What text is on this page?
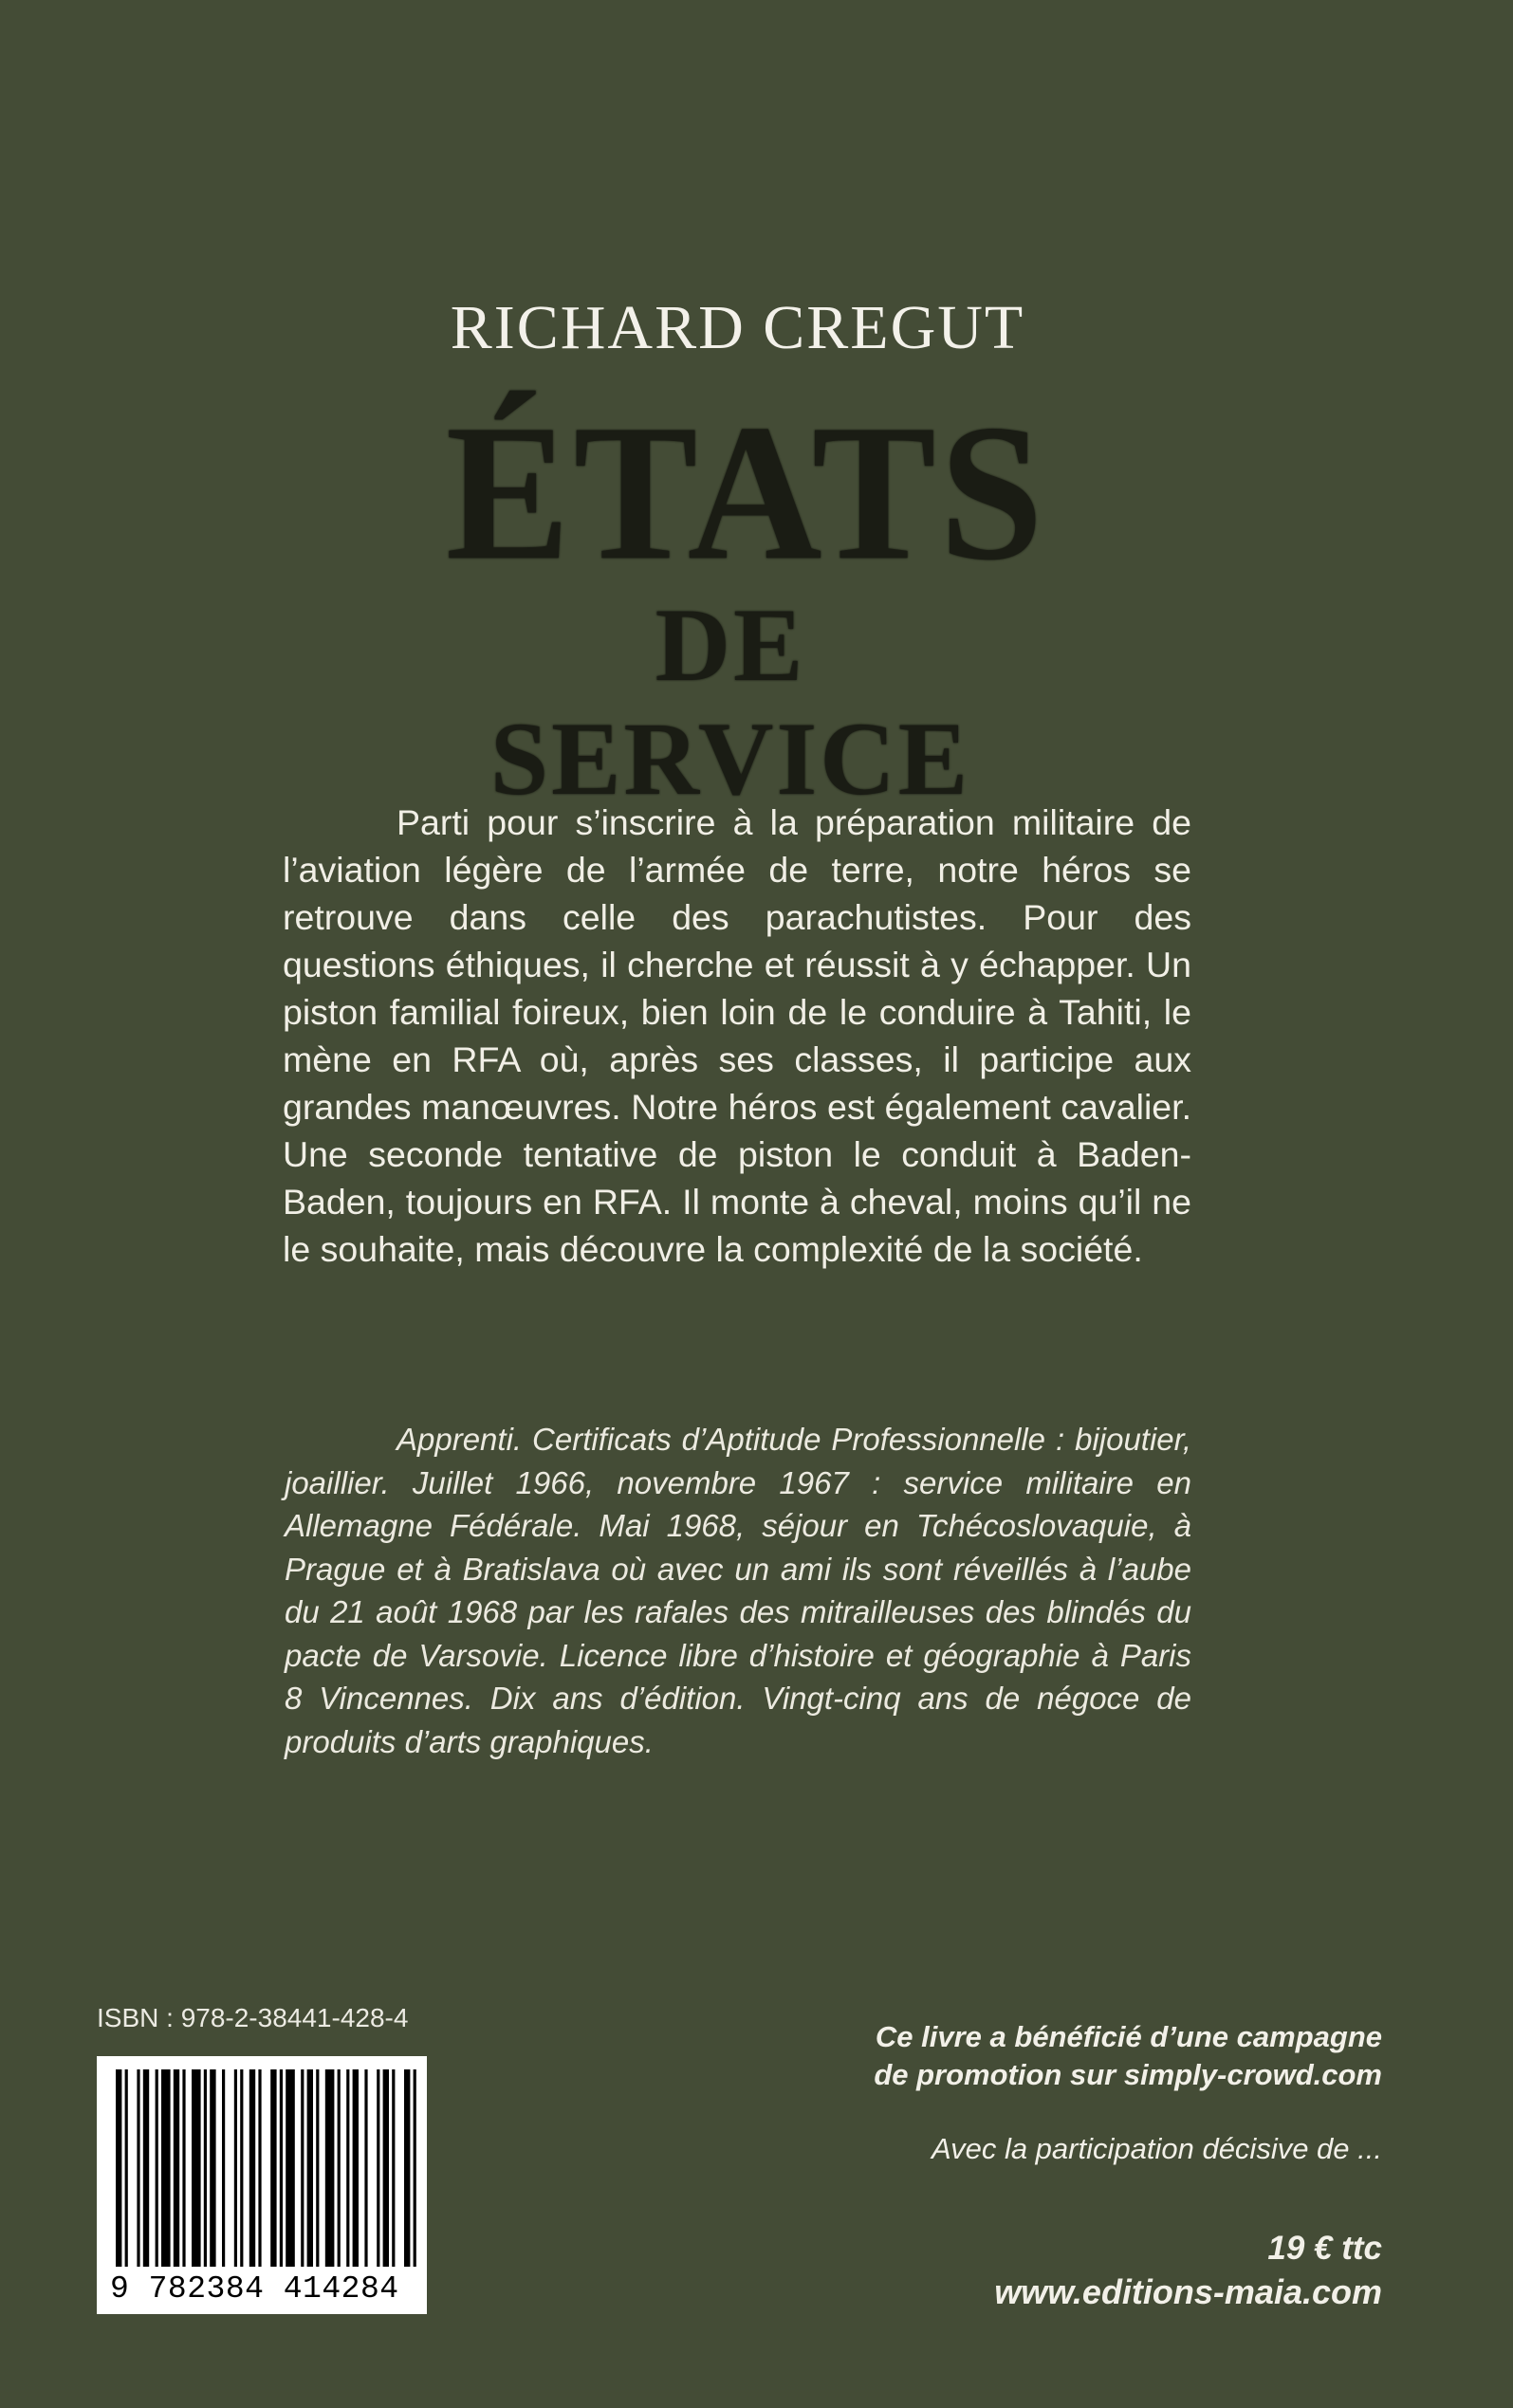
RICHARD CREGUT
ÉTATS
DE SERVICE
Parti pour s’inscrire à la préparation militaire de l’aviation légère de l’armée de terre, notre héros se retrouve dans celle des parachutistes. Pour des questions éthiques, il cherche et réussit à y échapper. Un piston familial foireux, bien loin de le conduire à Tahiti, le mène en RFA où, après ses classes, il participe aux grandes manœuvres. Notre héros est également cavalier. Une seconde tentative de piston le conduit à Baden-Baden, toujours en RFA. Il monte à cheval, moins qu’il ne le souhaite, mais découvre la complexité de la société.
Apprenti. Certificats d’Aptitude Professionnelle : bijoutier, joaillier. Juillet 1966, novembre 1967 : service militaire en Allemagne Fédérale. Mai 1968, séjour en Tchécoslovaquie, à Prague et à Bratislava où avec un ami ils sont réveillés à l’aube du 21 août 1968 par les rafales des mitrailleuses des blindés du pacte de Varsovie. Licence libre d’histoire et géographie à Paris 8 Vincennes. Dix ans d’édition. Vingt-cinq ans de négoce de produits d’arts graphiques.
ISBN : 978-2-38441-428-4
9 782384 414284
Ce livre a bénéficié d’une campagne
de promotion sur simply-crowd.com
Avec la participation décisive de ...
19 € ttc
www.editions-maia.com
